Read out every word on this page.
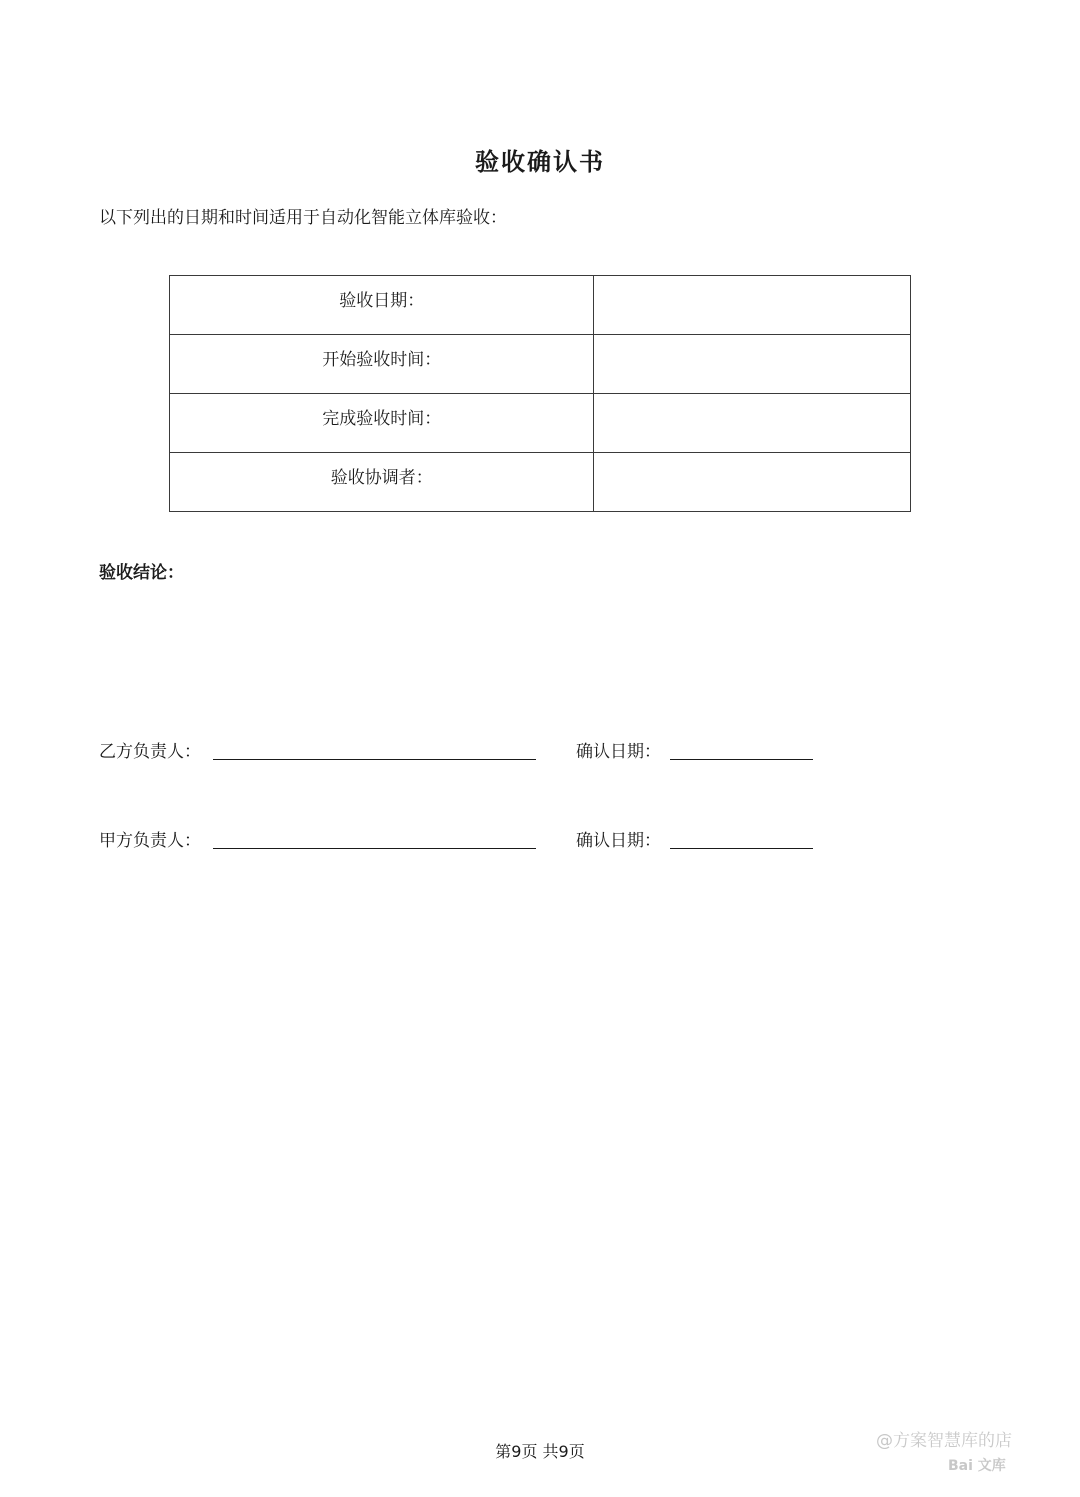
验收确认书
以下列出的日期和时间适用于自动化智能立体库验收：
验收日期：	
开始验收时间：	
完成验收时间：	
验收协调者：	
验收结论：
乙方负责人：	确认日期：
甲方负责人：	确认日期：
第9页 共9页
@方案智慧库的店
Bai 文库
